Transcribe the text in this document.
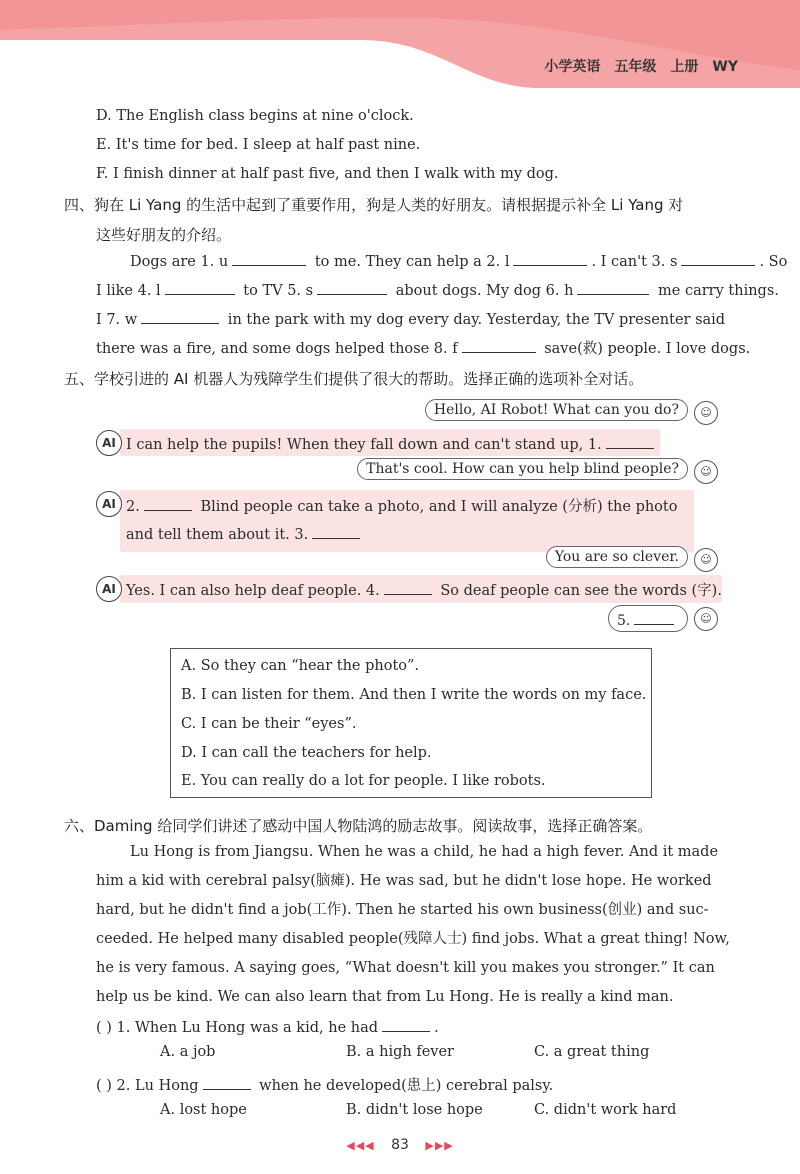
小学英语　五年级　上册　WY
D. The English class begins at nine o'clock.
E. It's time for bed. I sleep at half past nine.
F. I finish dinner at half past five, and then I walk with my dog.
四、狗在 Li Yang 的生活中起到了重要作用，狗是人类的好朋友。请根据提示补全 Li Yang 对
这些好朋友的介绍。
Dogs are 1. u	to me. They can help a 2. l	. I can't 3. s	. So
I like 4. l	to TV 5. s	about dogs. My dog 6. h	me carry things.
I 7. w	in the park with my dog every day. Yesterday, the TV presenter said
there was a fire, and some dogs helped those 8. f	save(救) people. I love dogs.
五、学校引进的 AI 机器人为残障学生们提供了很大的帮助。选择正确的选项补全对话。
Hello, AI Robot! What can you do?	☺
I can help the pupils! When they fall down and can't stand up, 1.
AI
That's cool. How can you help blind people?	☺
2.	Blind people can take a photo, and I will analyze (分析) the photo
and tell them about it. 3.
AI
You are so clever.	☺
Yes. I can also help deaf people. 4.	So deaf people can see the words (字).
AI
5.	☺
A. So they can “hear the photo”.
B. I can listen for them. And then I write the words on my face.
C. I can be their “eyes”.
D. I can call the teachers for help.
E. You can really do a lot for people. I like robots.
六、Daming 给同学们讲述了感动中国人物陆鸿的励志故事。阅读故事，选择正确答案。
Lu Hong is from Jiangsu. When he was a child, he had a high fever. And it made
him a kid with cerebral palsy(脑瘫). He was sad, but he didn't lose hope. He worked
hard, but he didn't find a job(工作). Then he started his own business(创业) and suc-
ceeded. He helped many disabled people(残障人士) find jobs. What a great thing! Now,
he is very famous. A saying goes, “What doesn't kill you makes you stronger.” It can
help us be kind. We can also learn that from Lu Hong. He is really a kind man.
( ) 1. When Lu Hong was a kid, he had	.
A. a job	B. a high fever	C. a great thing
( ) 2. Lu Hong	when he developed(患上) cerebral palsy.
A. lost hope	B. didn't lose hope	C. didn't work hard
◀◀◀ 83 ▶▶▶
